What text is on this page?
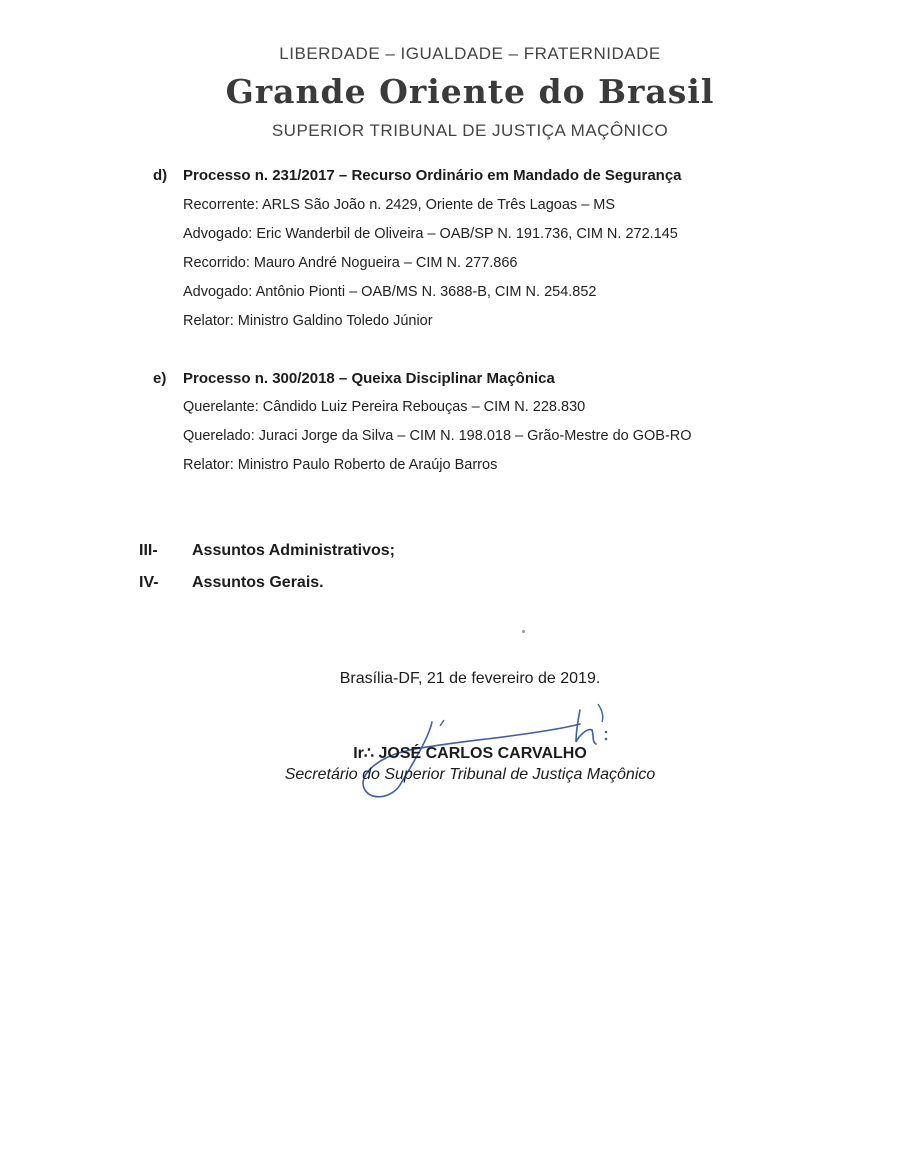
LIBERDADE – IGUALDADE – FRATERNIDADE
Grande Oriente do Brasil
SUPERIOR TRIBUNAL DE JUSTIÇA MAÇÔNICO
d) Processo n. 231/2017 – Recurso Ordinário em Mandado de Segurança
Recorrente: ARLS São João n. 2429, Oriente de Três Lagoas – MS
Advogado: Eric Wanderbil de Oliveira – OAB/SP N. 191.736, CIM N. 272.145
Recorrido: Mauro André Nogueira – CIM N. 277.866
Advogado: Antônio Pionti – OAB/MS N. 3688-B, CIM N. 254.852
Relator: Ministro Galdino Toledo Júnior
e) Processo n. 300/2018 – Queixa Disciplinar Maçônica
Querelante: Cândido Luiz Pereira Rebouças – CIM N. 228.830
Querelado: Juraci Jorge da Silva – CIM N. 198.018 – Grão-Mestre do GOB-RO
Relator: Ministro Paulo Roberto de Araújo Barros
III- Assuntos Administrativos;
IV- Assuntos Gerais.
Brasília-DF, 21 de fevereiro de 2019.
Ir∴ JOSÉ CARLOS CARVALHO
Secretário do Superior Tribunal de Justiça Maçônico
